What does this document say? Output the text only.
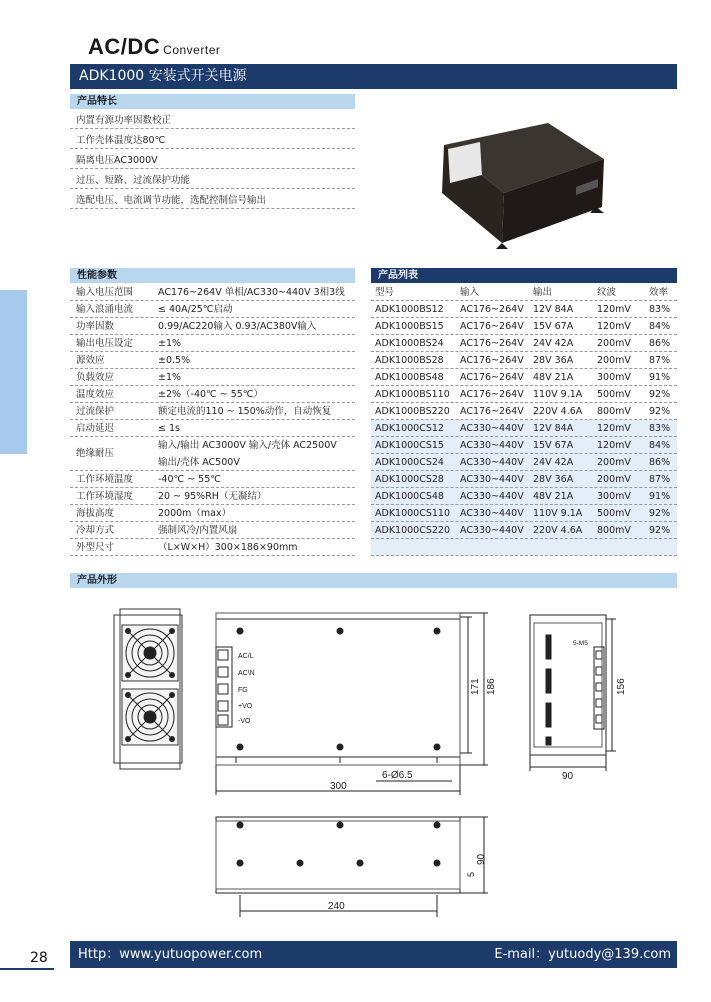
AC/DC Converter
ADK1000 安装式开关电源
产品特长
内置有源功率因数校正
工作壳体温度达80℃
隔离电压AC3000V
过压、短路、过流保护功能
选配电压、电流调节功能，选配控制信号输出
性能参数
输入电压范围	AC176~264V 单相/AC330~440V 3相3线
输入浪涌电流	≤ 40A/25℃启动
功率因数	0.99/AC220输入 0.93/AC380V输入
输出电压设定	±1%
源效应	±0.5%
负载效应	±1%
温度效应	±2%（-40℃ ~ 55℃）
过流保护	额定电流的110 ~ 150%动作，自动恢复
启动延迟	≤ 1s
绝缘耐压
输入/输出 AC3000V 输入/壳体 AC2500V
输出/壳体 AC500V
工作环境温度	-40℃ ~ 55℃
工作环境湿度	20 ~ 95%RH（无凝结）
海拔高度	2000m（max）
冷却方式	强制风冷/内置风扇
外型尺寸	（L×W×H）300×186×90mm
产品列表
型号	输入	输出	纹波	效率
ADK1000BS12 AC176~264V 12V 84A	120mV 83%
ADK1000BS15 AC176~264V 15V 67A	120mV 84%
ADK1000BS24 AC176~264V 24V 42A	200mV 86%
ADK1000BS28 AC176~264V 28V 36A	200mV 87%
ADK1000BS48 AC176~264V 48V 21A	300mV 91%
ADK1000BS110 AC176~264V 110V 9.1A 500mV 92%
ADK1000BS220 AC176~264V 220V 4.6A 800mV 92%
ADK1000CS12 AC330~440V 12V 84A	120mV 83%
ADK1000CS15 AC330~440V 15V 67A	120mV 84%
ADK1000CS24 AC330~440V 24V 42A	200mV 86%
ADK1000CS28 AC330~440V 28V 36A	200mV 87%
ADK1000CS48 AC330~440V 48V 21A	300mV 91%
ADK1000CS110 AC330~440V 110V 9.1A 500mV 92%
ADK1000CS220 AC330~440V 220V 4.6A 800mV 92%
产品外形
AC/L
AC\N
FG
+VO
-VO
171 186
300
6-Ø6.5
5-M5
156
90
240
90
5
Http：www.yutuopower.com	E-mail：yutuody@139.com
28
